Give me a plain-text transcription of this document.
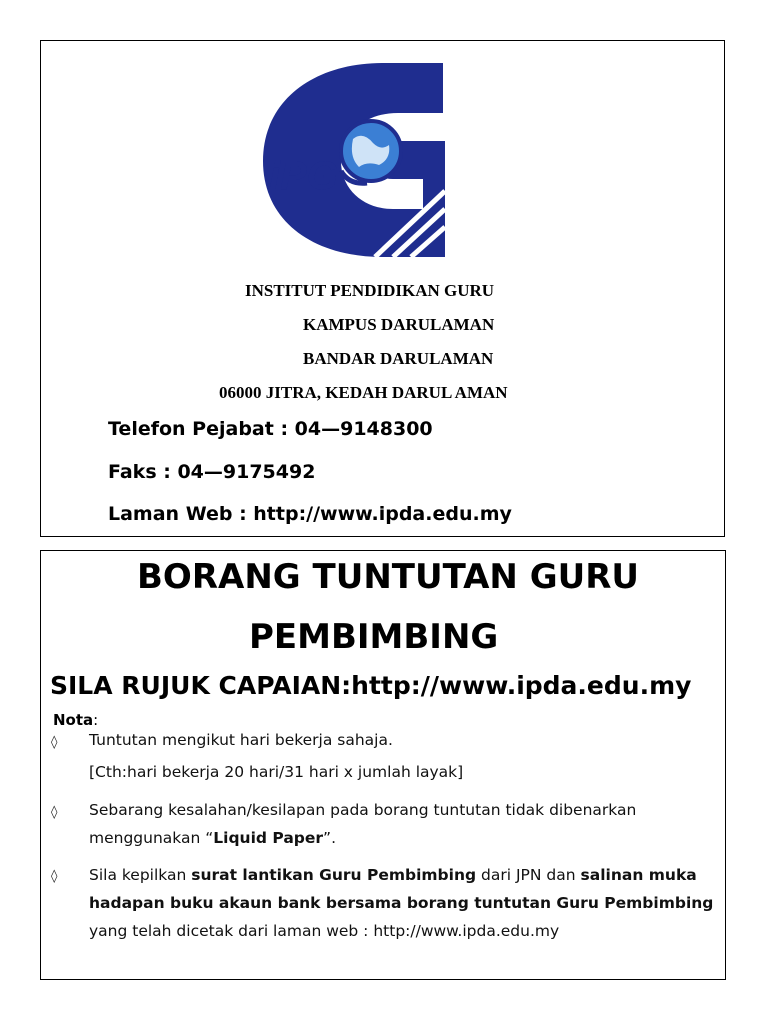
iPG
INSTITUT PENDIDIKAN GURU
KAMPUS DARULAMAN
BANDAR DARULAMAN
06000 JITRA, KEDAH DARUL AMAN
Telefon Pejabat : 04—9148300
Faks : 04—9175492
Laman Web : http://www.ipda.edu.my
BORANG TUNTUTAN GURU
PEMBIMBING
SILA RUJUK CAPAIAN:http://www.ipda.edu.my
Nota:
◊ Tuntutan mengikut hari bekerja sahaja.
[Cth:hari bekerja 20 hari/31 hari x jumlah layak]
◊ Sebarang kesalahan/kesilapan pada borang tuntutan tidak dibenarkan
menggunakan “Liquid Paper”.
◊ Sila kepilkan surat lantikan Guru Pembimbing dari JPN dan salinan muka
hadapan buku akaun bank bersama borang tuntutan Guru Pembimbing
yang telah dicetak dari laman web : http://www.ipda.edu.my
